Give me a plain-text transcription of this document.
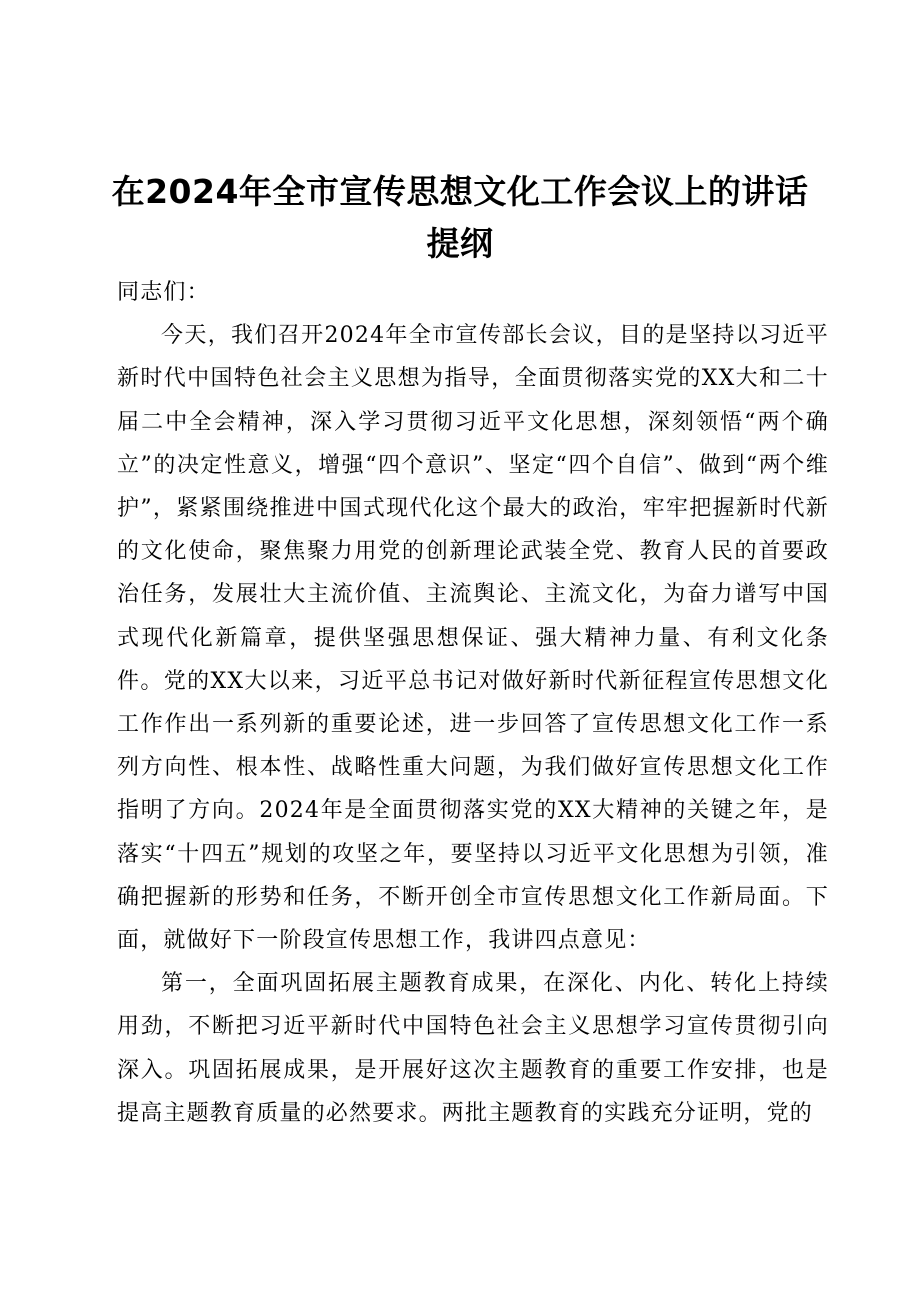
在2024年全市宣传思想文化工作会议上的讲话提纲

同志们：

今天，我们召开2024年全市宣传部长会议，目的是坚持以习近平新时代中国特色社会主义思想为指导，全面贯彻落实党的XX大和二十届二中全会精神，深入学习贯彻习近平文化思想，深刻领悟“两个确立”的决定性意义，增强“四个意识”、坚定“四个自信”、做到“两个维护”，紧紧围绕推进中国式现代化这个最大的政治，牢牢把握新时代新的文化使命，聚焦聚力用党的创新理论武装全党、教育人民的首要政治任务，发展壮大主流价值、主流舆论、主流文化，为奋力谱写中国式现代化新篇章，提供坚强思想保证、强大精神力量、有利文化条件。党的XX大以来，习近平总书记对做好新时代新征程宣传思想文化工作作出一系列新的重要论述，进一步回答了宣传思想文化工作一系列方向性、根本性、战略性重大问题，为我们做好宣传思想文化工作指明了方向。2024年是全面贯彻落实党的XX大精神的关键之年，是落实“十四五”规划的攻坚之年，要坚持以习近平文化思想为引领，准确把握新的形势和任务，不断开创全市宣传思想文化工作新局面。下面，就做好下一阶段宣传思想工作，我讲四点意见：

第一，全面巩固拓展主题教育成果，在深化、内化、转化上持续用劲，不断把习近平新时代中国特色社会主义思想学习宣传贯彻引向深入。巩固拓展成果，是开展好这次主题教育的重要工作安排，也是提高主题教育质量的必然要求。两批主题教育的实践充分证明，党的
